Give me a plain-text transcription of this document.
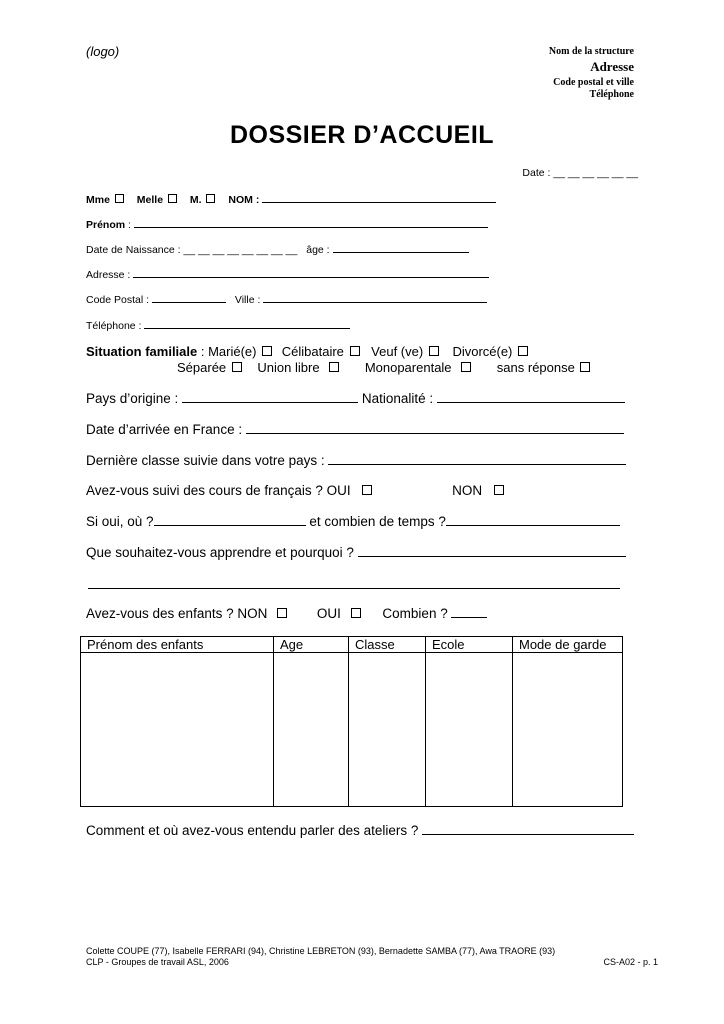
(logo)	Nom de la structure
Adresse
Code postal et ville
Téléphone
DOSSIER D’ACCUEIL
Date : __ __ __ __ __ __
Mme	Melle	M.	NOM :
Prénom :
Date de Naissance : __ __ __ __ __ __ __ __ âge :
Adresse :
Code Postal :	Ville :
Téléphone :
Situation familiale : Marié(e) Célibataire Veuf (ve) Divorcé(e)
Séparée Union libre	Monoparentale	sans réponse
Pays d’origine :	Nationalité :
Date d’arrivée en France :
Dernière classe suivie dans votre pays :
Avez-vous suivi des cours de français ? OUI	NON
Si oui, où ?	et combien de temps ?
Que souhaitez-vous apprendre et pourquoi ?
Avez-vous des enfants ? NON	OUI	Combien ?
Prénom des enfants	Age	Classe	Ecole	Mode de garde

Comment et où avez-vous entendu parler des ateliers ?
Colette COUPE (77), Isabelle FERRARI (94), Christine LEBRETON (93), Bernadette SAMBA (77), Awa TRAORE (93)
CLP - Groupes de travail ASL, 2006	CS-A02 - p. 1
